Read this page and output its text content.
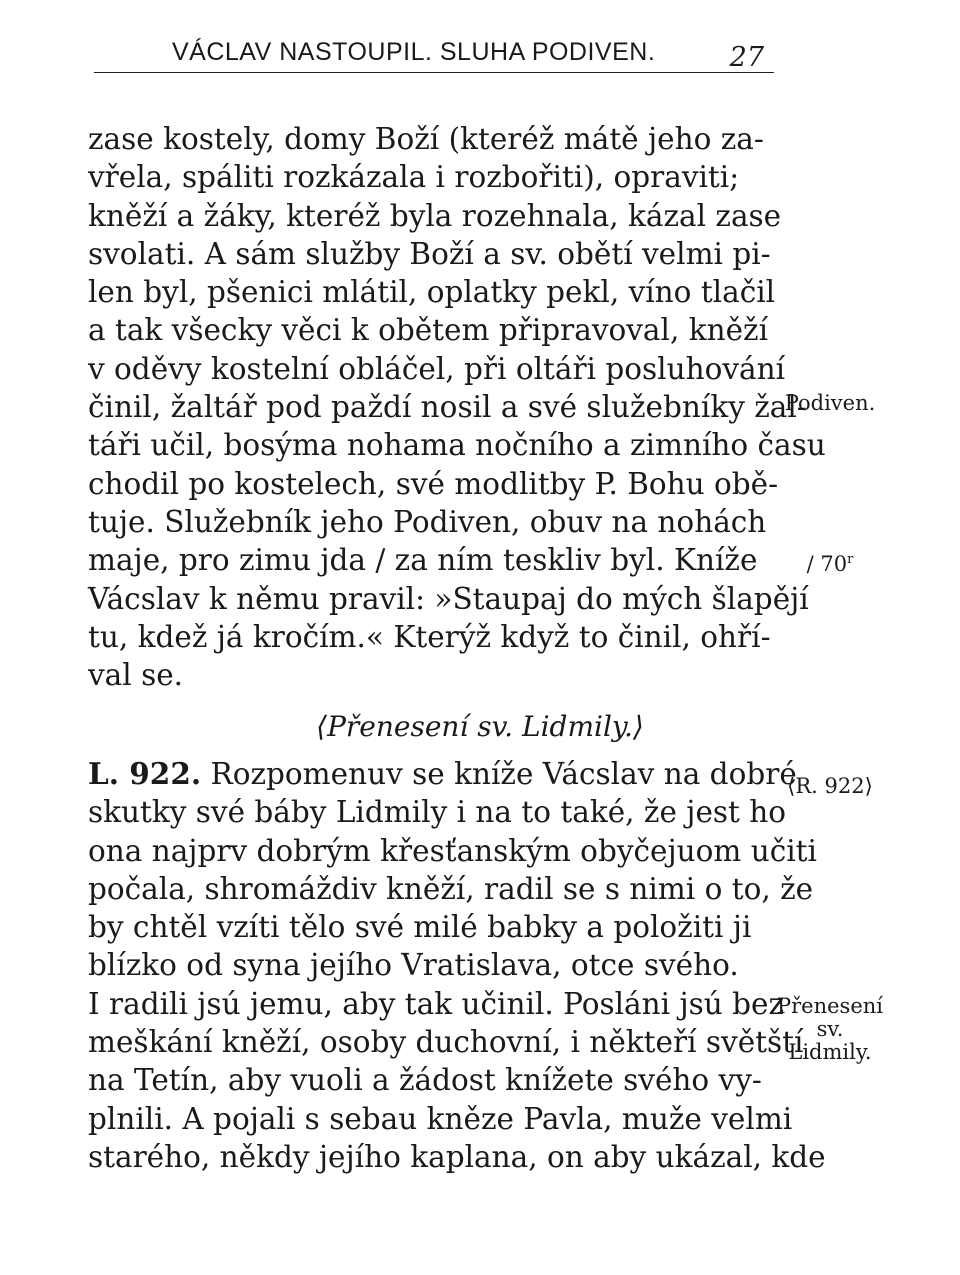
VÁCLAV NASTOUPIL. SLUHA PODIVEN.	27

zase kostely, domy Boží (kteréž mátě jeho za-
vřela, spáliti rozkázala i rozbořiti), opraviti;
kněží a žáky, kteréž byla rozehnala, kázal zase
svolati. A sám služby Boží a sv. obětí velmi pi-
len byl, pšenici mlátil, oplatky pekl, víno tlačil
a tak všecky věci k obětem připravoval, kněží
v oděvy kostelní obláčel, při oltáři posluhování
činil, žaltář pod paždí nosil a své služebníky žal-
táři učil, bosýma nohama nočního a zimního času
chodil po kostelech, své modlitby P. Bohu obě-
tuje. Služebník jeho Podiven, obuv na nohách
maje, pro zimu jda / za ním teskliv byl. Kníže
Vácslav k němu pravil: »Staupaj do mých šlapějí
tu, kdež já kročím.« Kterýž když to činil, ohří-
val se.

⟨Přenesení sv. Lidmily.⟩

L. 922. Rozpomenuv se kníže Vácslav na dobré
skutky své báby Lidmily i na to také, že jest ho
ona najprv dobrým křesťanským obyčejuom učiti
počala, shromáždiv kněží, radil se s nimi o to, že
by chtěl vzíti tělo své milé babky a položiti ji
blízko od syna jejího Vratislava, otce svého.
I radili jsú jemu, aby tak učinil. Posláni jsú bez
meškání kněží, osoby duchovní, i někteří světští
na Tetín, aby vuoli a žádost knížete svého vy-
plnili. A pojali s sebau kněze Pavla, muže velmi
starého, někdy jejího kaplana, on aby ukázal, kde

Podiven.
/ 70$^r$
⟨R. 922⟩
Přenesení
sv.
Lidmily.
